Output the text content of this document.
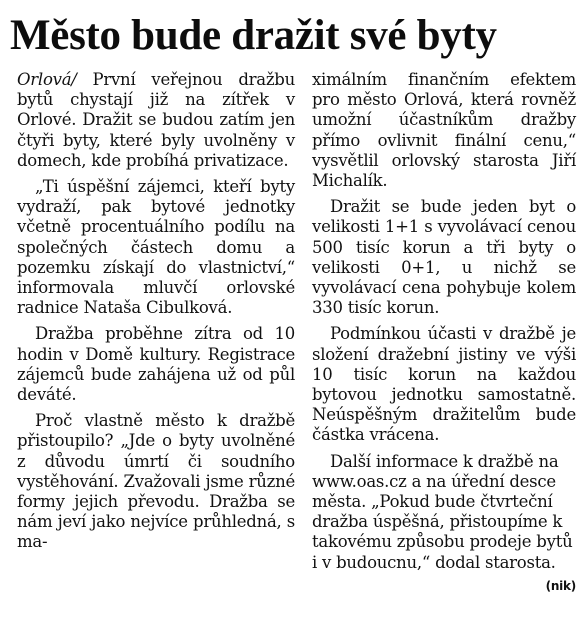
Město bude dražit své byty

Orlová/ První veřejnou dražbu bytů chystají již na zítřek v Orlové. Dražit se budou zatím jen čtyři byty, které byly uvolněny v domech, kde probíhá privatizace.

„Ti úspěšní zájemci, kteří byty vydraží, pak bytové jednotky včetně procentuálního podílu na společných částech domu a pozemku získají do vlastnictví,“ informovala mluvčí orlovské radnice Nataša Cibulková.

Dražba proběhne zítra od 10 hodin v Domě kultury. Registrace zájemců bude zahájena už od půl deváté.

Proč vlastně město k dražbě přistoupilo? „Jde o byty uvolněné z důvodu úmrtí či soudního vystěhování. Zvažovali jsme různé formy jejich převodu. Dražba se nám jeví jako nejvíce průhledná, s ma-

ximálním finančním efektem pro město Orlová, která rovněž umožní účastníkům dražby přímo ovlivnit finální cenu,“ vysvětlil orlovský starosta Jiří Michalík.

Dražit se bude jeden byt o velikosti 1+1 s vyvolávací cenou 500 tisíc korun a tři byty o velikosti 0+1, u nichž se vyvolávací cena pohybuje kolem 330 tisíc korun.

Podmínkou účasti v dražbě je složení dražební jistiny ve výši 10 tisíc korun na každou bytovou jednotku samostatně. Neúspěšným dražitelům bude částka vrácena.

Další informace k dražbě na www.oas.cz a na úřední desce města. „Pokud bude čtvrteční dražba úspěšná, přistoupíme k takovému způsobu prodeje bytů i v budoucnu,“ dodal starosta.
(nik)
